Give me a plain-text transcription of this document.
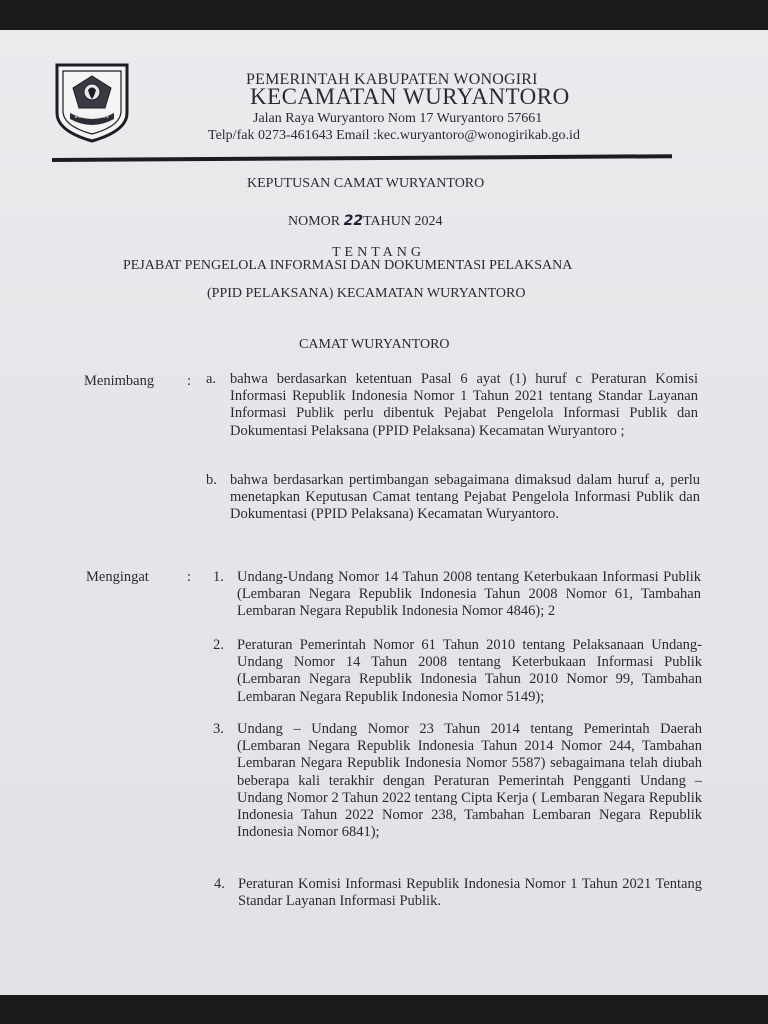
PEMERINTAH KABUPATEN WONOGIRI
KECAMATAN WURYANTORO
Jalan Raya Wuryantoro Nom 17 Wuryantoro 57661
Telp/fak 0273-461643 Email :kec.wuryantoro@wonogirikab.go.id
KEPUTUSAN CAMAT WURYANTORO
NOMOR 22TAHUN 2024
TENTANG
PEJABAT PENGELOLA INFORMASI DAN DOKUMENTASI PELAKSANA
(PPID PELAKSANA) KECAMATAN WURYANTORO
CAMAT WURYANTORO
Menimbang : a. bahwa berdasarkan ketentuan Pasal 6 ayat (1) huruf c Peraturan Komisi Informasi Republik Indonesia Nomor 1 Tahun 2021 tentang Standar Layanan Informasi Publik perlu dibentuk Pejabat Pengelola Informasi Publik dan Dokumentasi Pelaksana (PPID Pelaksana) Kecamatan Wuryantoro ;
b. bahwa berdasarkan pertimbangan sebagaimana dimaksud dalam huruf a, perlu menetapkan Keputusan Camat tentang Pejabat Pengelola Informasi Publik dan Dokumentasi (PPID Pelaksana) Kecamatan Wuryantoro.
Mengingat	: 1. Undang-Undang Nomor 14 Tahun 2008 tentang Keterbukaan Informasi Publik (Lembaran Negara Republik Indonesia Tahun 2008 Nomor 61, Tambahan Lembaran Negara Republik Indonesia Nomor 4846); 2
2. Peraturan Pemerintah Nomor 61 Tahun 2010 tentang Pelaksanaan Undang-Undang Nomor 14 Tahun 2008 tentang Keterbukaan Informasi Publik (Lembaran Negara Republik Indonesia Tahun 2010 Nomor 99, Tambahan Lembaran Negara Republik Indonesia Nomor 5149);
3. Undang – Undang Nomor 23 Tahun 2014 tentang Pemerintah Daerah (Lembaran Negara Republik Indonesia Tahun 2014 Nomor 244, Tambahan Lembaran Negara Republik Indonesia Nomor 5587) sebagaimana telah diubah beberapa kali terakhir dengan Peraturan Pemerintah Pengganti Undang – Undang Nomor 2 Tahun 2022 tentang Cipta Kerja ( Lembaran Negara Republik Indonesia Tahun 2022 Nomor 238, Tambahan Lembaran Negara Republik Indonesia Nomor 6841);
4. Peraturan Komisi Informasi Republik Indonesia Nomor 1 Tahun 2021 Tentang Standar Layanan Informasi Publik.
